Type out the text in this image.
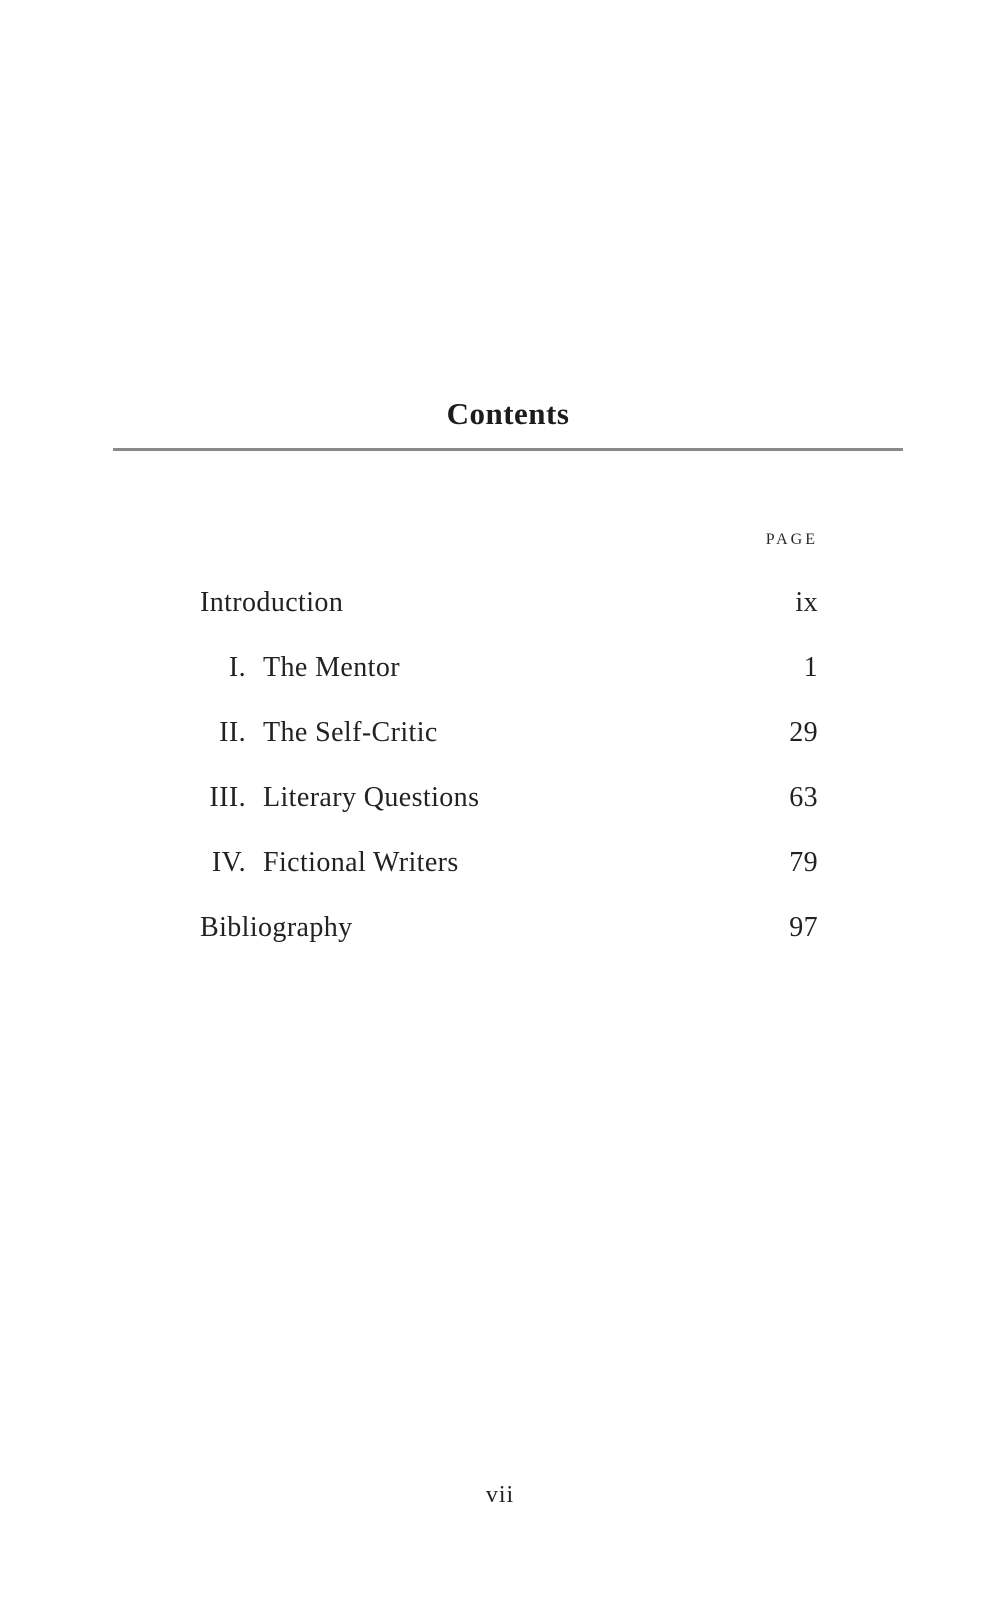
Contents
PAGE
Introduction	ix
I. The Mentor	1
II. The Self-Critic	29
III. Literary Questions	63
IV. Fictional Writers	79
Bibliography	97
vii
